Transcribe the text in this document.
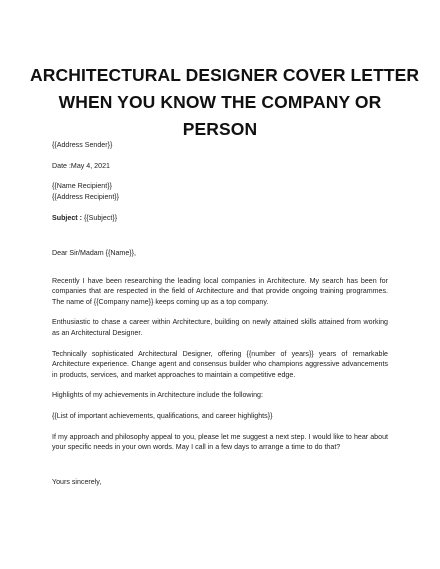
ARCHITECTURAL DESIGNER COVER LETTER
WHEN YOU KNOW THE COMPANY OR
PERSON
{{Address Sender}}
Date :May 4, 2021
{{Name Recipient}}
{{Address Recipient}}
Subject : {{Subject}}
Dear Sir/Madam {{Name}},
Recently I have been researching the leading local companies in Architecture. My search has been for companies that are respected in the field of Architecture and that provide ongoing training programmes. The name of {{Company name}} keeps coming up as a top company.
Enthusiastic to chase a career within Architecture, building on newly attained skills attained from working as an Architectural Designer.
Technically sophisticated Architectural Designer, offering {{number of years}} years of remarkable Architecture experience. Change agent and consensus builder who champions aggressive advancements in products, services, and market approaches to maintain a competitive edge.
Highlights of my achievements in Architecture include the following:
{{List of important achievements, qualifications, and career highlights}}
If my approach and philosophy appeal to you, please let me suggest a next step. I would like to hear about your specific needs in your own words. May I call in a few days to arrange a time to do that?
Yours sincerely,
